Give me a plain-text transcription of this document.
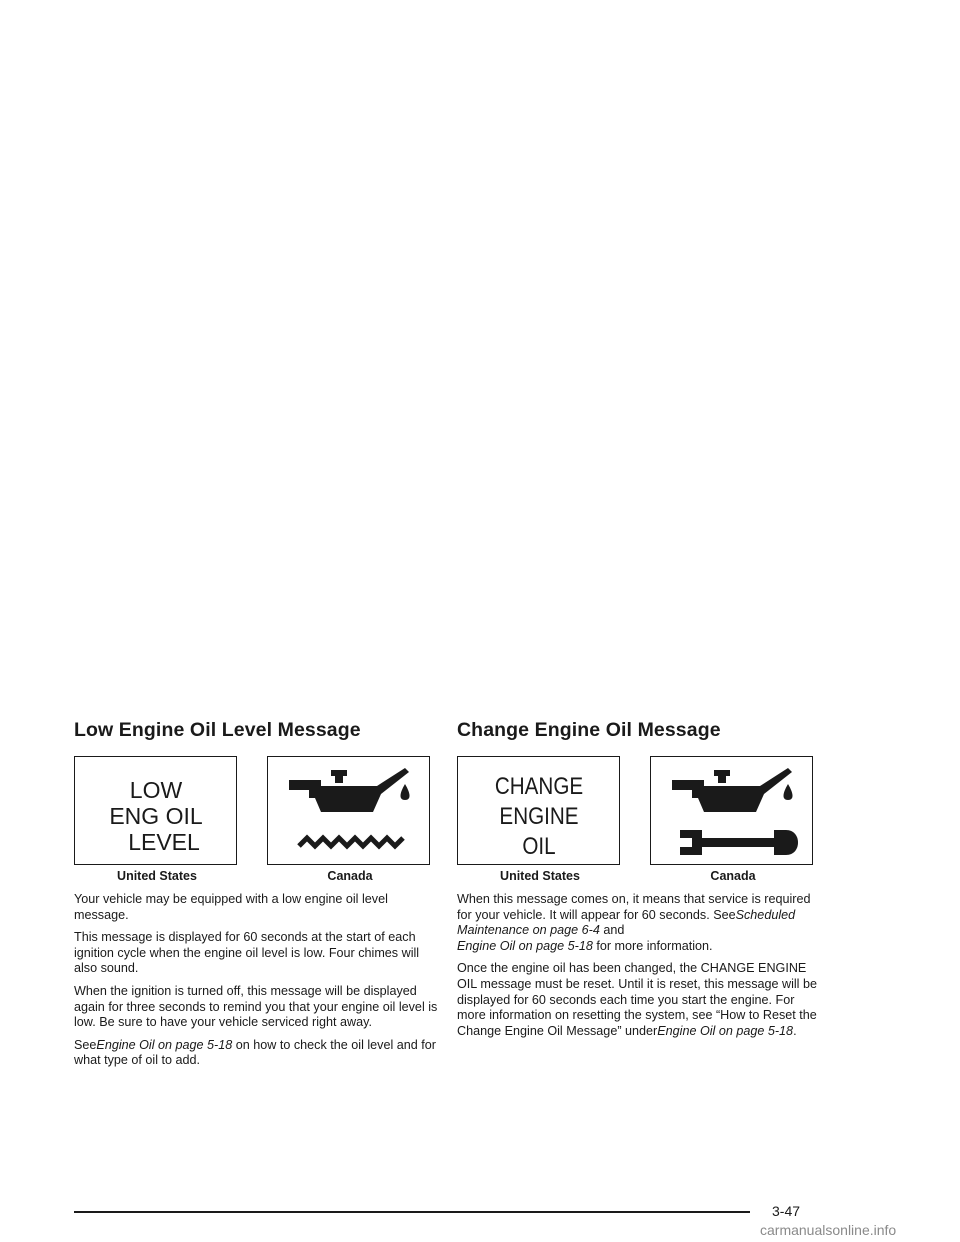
Low Engine Oil Level Message
LOW
ENG OIL
LEVEL
United States	Canada

Your vehicle may be equipped with a low engine oil level message.

This message is displayed for 60 seconds at the start of each ignition cycle when the engine oil level is low. Four chimes will also sound.

When the ignition is turned off, this message will be displayed again for three seconds to remind you that your engine oil level is low. Be sure to have your vehicle serviced right away.

SeeEngine Oil on page 5-18 on how to check the oil level and for what type of oil to add.

Change Engine Oil Message
CHANGE
ENGINE
OIL
United States	Canada

When this message comes on, it means that service is required for your vehicle. It will appear for 60 seconds. SeeScheduled Maintenance on page 6-4 and
Engine Oil on page 5-18 for more information.

Once the engine oil has been changed, the CHANGE ENGINE OIL message must be reset. Until it is reset, this message will be displayed for 60 seconds each time you start the engine. For more information on resetting the system, see “How to Reset the Change Engine Oil Message” underEngine Oil on page 5-18.

3-47
carmanualsonline.info
